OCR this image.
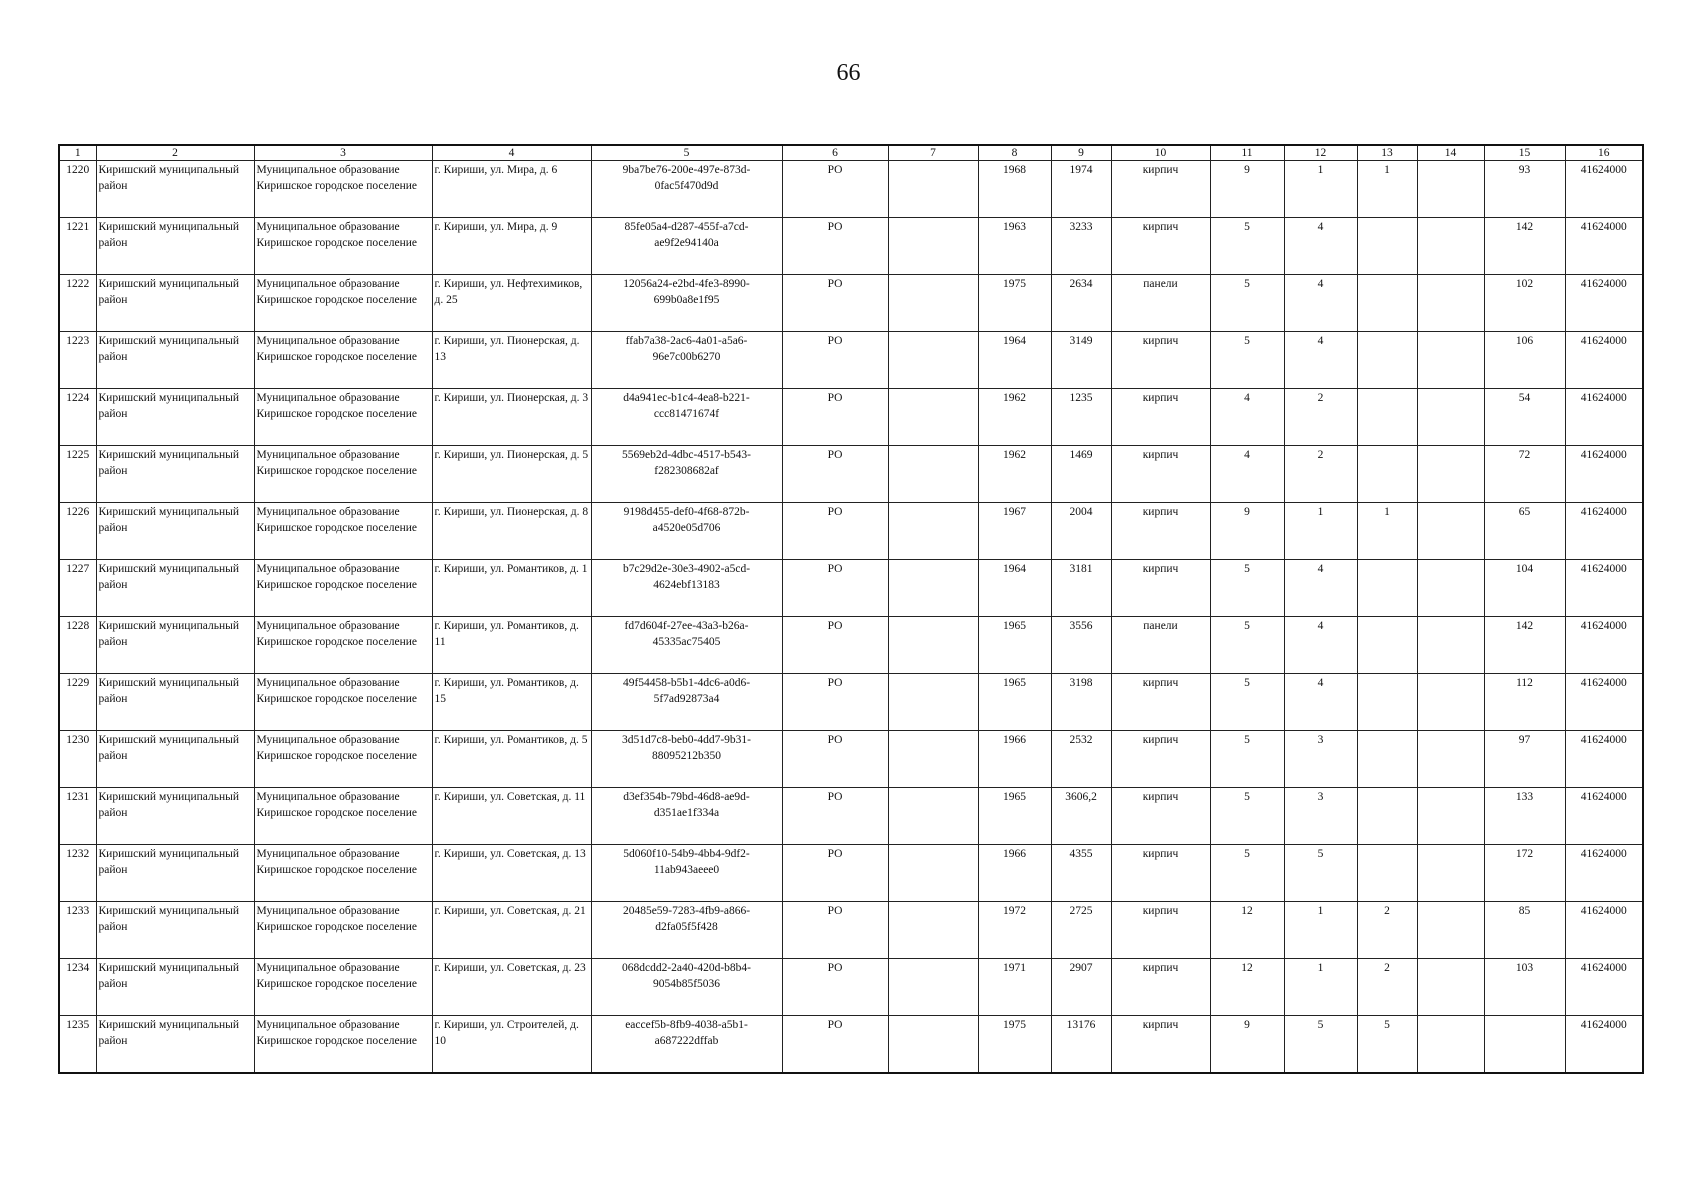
66
1	2	3	4	5	6	7	8	9	10	11	12	13	14	15	16
1220	Киришский муниципальный район	Муниципальное образование Киришское городское поселение	г. Кириши, ул. Мира, д. 6	9ba7be76-200e-497e-873d-0fac5f470d9d	РО		1968	1974	кирпич	9	1	1		93	41624000
1221	Киришский муниципальный район	Муниципальное образование Киришское городское поселение	г. Кириши, ул. Мира, д. 9	85fe05a4-d287-455f-a7cd-ae9f2e94140a	РО		1963	3233	кирпич	5	4			142	41624000
1222	Киришский муниципальный район	Муниципальное образование Киришское городское поселение	г. Кириши, ул. Нефтехимиков, д. 25	12056a24-e2bd-4fe3-8990-699b0a8e1f95	РО		1975	2634	панели	5	4			102	41624000
1223	Киришский муниципальный район	Муниципальное образование Киришское городское поселение	г. Кириши, ул. Пионерская, д. 13	ffab7a38-2ac6-4a01-a5a6-96e7c00b6270	РО		1964	3149	кирпич	5	4			106	41624000
1224	Киришский муниципальный район	Муниципальное образование Киришское городское поселение	г. Кириши, ул. Пионерская, д. 3	d4a941ec-b1c4-4ea8-b221-ccc81471674f	РО		1962	1235	кирпич	4	2			54	41624000
1225	Киришский муниципальный район	Муниципальное образование Киришское городское поселение	г. Кириши, ул. Пионерская, д. 5	5569eb2d-4dbc-4517-b543-f282308682af	РО		1962	1469	кирпич	4	2			72	41624000
1226	Киришский муниципальный район	Муниципальное образование Киришское городское поселение	г. Кириши, ул. Пионерская, д. 8	9198d455-def0-4f68-872b-a4520e05d706	РО		1967	2004	кирпич	9	1	1		65	41624000
1227	Киришский муниципальный район	Муниципальное образование Киришское городское поселение	г. Кириши, ул. Романтиков, д. 1	b7c29d2e-30e3-4902-a5cd-4624ebf13183	РО		1964	3181	кирпич	5	4			104	41624000
1228	Киришский муниципальный район	Муниципальное образование Киришское городское поселение	г. Кириши, ул. Романтиков, д. 11	fd7d604f-27ee-43a3-b26a-45335ac75405	РО		1965	3556	панели	5	4			142	41624000
1229	Киришский муниципальный район	Муниципальное образование Киришское городское поселение	г. Кириши, ул. Романтиков, д. 15	49f54458-b5b1-4dc6-a0d6-5f7ad92873a4	РО		1965	3198	кирпич	5	4			112	41624000
1230	Киришский муниципальный район	Муниципальное образование Киришское городское поселение	г. Кириши, ул. Романтиков, д. 5	3d51d7c8-beb0-4dd7-9b31-88095212b350	РО		1966	2532	кирпич	5	3			97	41624000
1231	Киришский муниципальный район	Муниципальное образование Киришское городское поселение	г. Кириши, ул. Советская, д. 11	d3ef354b-79bd-46d8-ae9d-d351ae1f334a	РО		1965	3606,2	кирпич	5	3			133	41624000
1232	Киришский муниципальный район	Муниципальное образование Киришское городское поселение	г. Кириши, ул. Советская, д. 13	5d060f10-54b9-4bb4-9df2-11ab943aeee0	РО		1966	4355	кирпич	5	5			172	41624000
1233	Киришский муниципальный район	Муниципальное образование Киришское городское поселение	г. Кириши, ул. Советская, д. 21	20485e59-7283-4fb9-a866-d2fa05f5f428	РО		1972	2725	кирпич	12	1	2		85	41624000
1234	Киришский муниципальный район	Муниципальное образование Киришское городское поселение	г. Кириши, ул. Советская, д. 23	068dcdd2-2a40-420d-b8b4-9054b85f5036	РО		1971	2907	кирпич	12	1	2		103	41624000
1235	Киришский муниципальный район	Муниципальное образование Киришское городское поселение	г. Кириши, ул. Строителей, д. 10	eaccef5b-8fb9-4038-a5b1-a687222dffab	РО		1975	13176	кирпич	9	5	5			41624000
